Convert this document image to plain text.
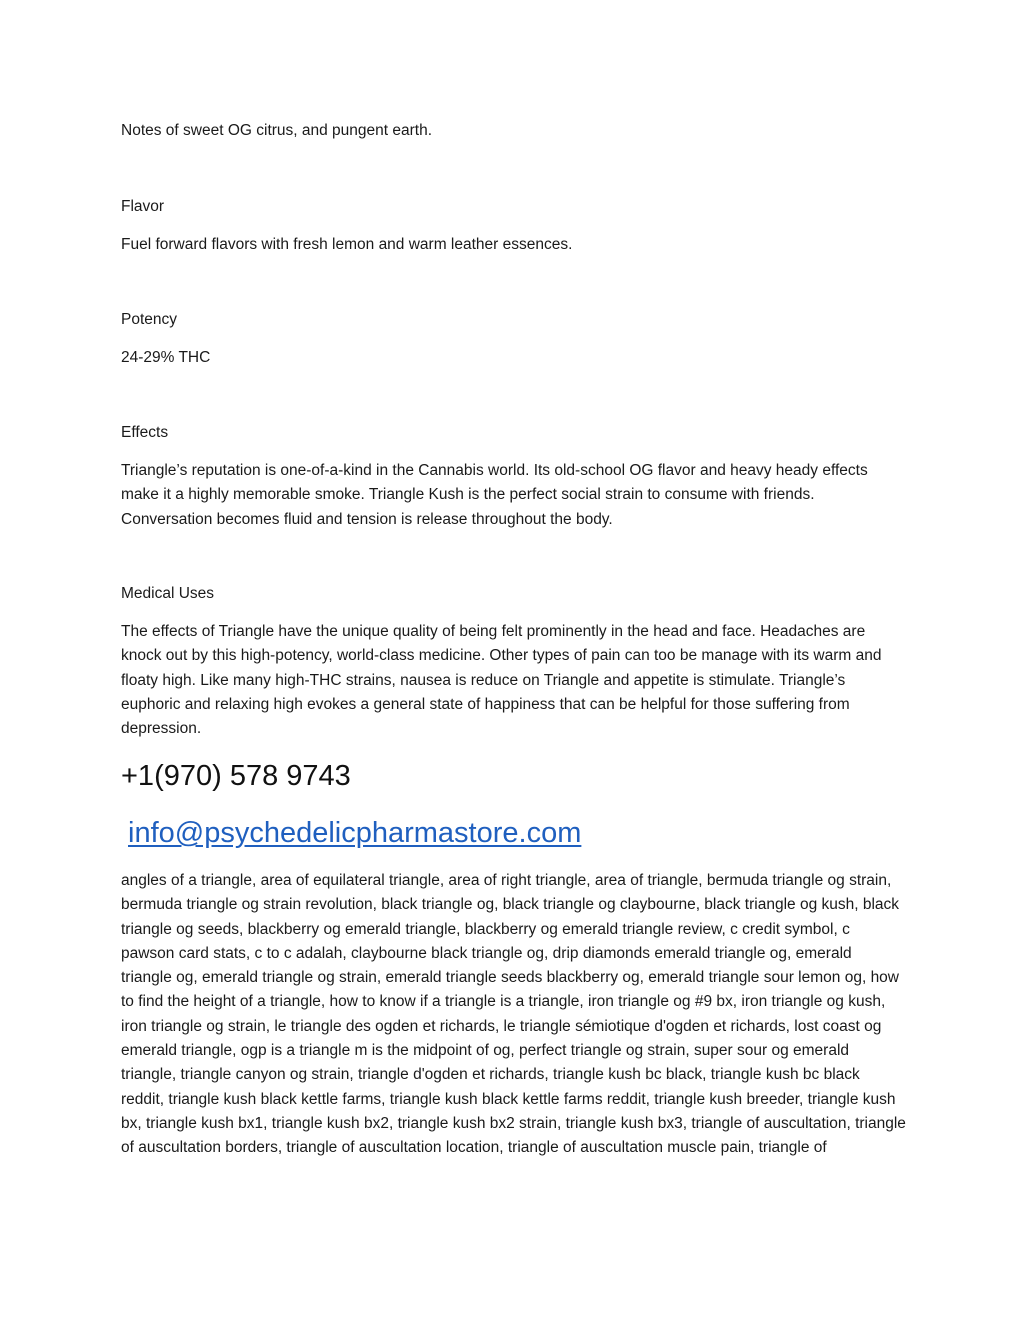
Notes of sweet OG citrus, and pungent earth.

Flavor

Fuel forward flavors with fresh lemon and warm leather essences.

Potency

24-29% THC

Effects

Triangle’s reputation is one-of-a-kind in the Cannabis world. Its old-school OG flavor and heavy heady effects make it a highly memorable smoke. Triangle Kush is the perfect social strain to consume with friends. Conversation becomes fluid and tension is release throughout the body.

Medical Uses

The effects of Triangle have the unique quality of being felt prominently in the head and face. Headaches are knock out by this high-potency, world-class medicine. Other types of pain can too be manage with its warm and floaty high. Like many high-THC strains, nausea is reduce on Triangle and appetite is stimulate. Triangle’s euphoric and relaxing high evokes a general state of happiness that can be helpful for those suffering from depression.

+1(970) 578 9743

info@psychedelicpharmastore.com

angles of a triangle, area of equilateral triangle, area of right triangle, area of triangle, bermuda triangle og strain, bermuda triangle og strain revolution, black triangle og, black triangle og claybourne, black triangle og kush, black triangle og seeds, blackberry og emerald triangle, blackberry og emerald triangle review, c credit symbol, c pawson card stats, c to c adalah, claybourne black triangle og, drip diamonds emerald triangle og, emerald triangle og, emerald triangle og strain, emerald triangle seeds blackberry og, emerald triangle sour lemon og, how to find the height of a triangle, how to know if a triangle is a triangle, iron triangle og #9 bx, iron triangle og kush, iron triangle og strain, le triangle des ogden et richards, le triangle sémiotique d'ogden et richards, lost coast og emerald triangle, ogp is a triangle m is the midpoint of og, perfect triangle og strain, super sour og emerald triangle, triangle canyon og strain, triangle d'ogden et richards, triangle kush bc black, triangle kush bc black reddit, triangle kush black kettle farms, triangle kush black kettle farms reddit, triangle kush breeder, triangle kush bx, triangle kush bx1, triangle kush bx2, triangle kush bx2 strain, triangle kush bx3, triangle of auscultation, triangle of auscultation borders, triangle of auscultation location, triangle of auscultation muscle pain, triangle of
